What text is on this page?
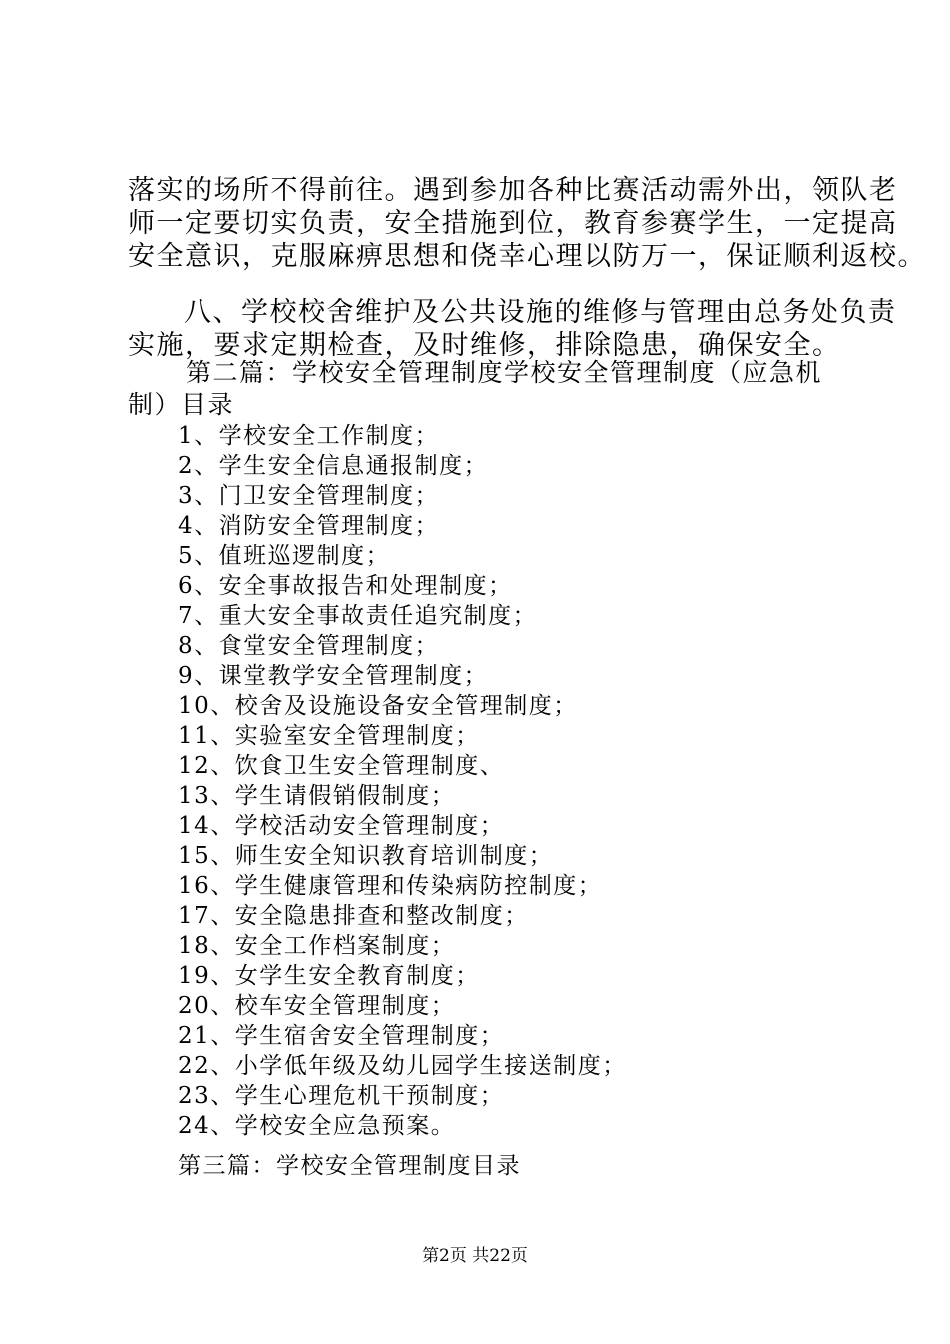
落实的场所不得前往。遇到参加各种比赛活动需外出，领队老
师一定要切实负责，安全措施到位，教育参赛学生，一定提高
安全意识，克服麻痹思想和侥幸心理以防万一，保证顺利返校。
八、学校校舍维护及公共设施的维修与管理由总务处负责
实施，要求定期检查，及时维修，排除隐患，确保安全。
第二篇：学校安全管理制度学校安全管理制度（应急机
制）目录
1、学校安全工作制度；
2、学生安全信息通报制度；
3、门卫安全管理制度；
4、消防安全管理制度；
5、值班巡逻制度；
6、安全事故报告和处理制度；
7、重大安全事故责任追究制度；
8、食堂安全管理制度；
9、课堂教学安全管理制度；
10、校舍及设施设备安全管理制度；
11、实验室安全管理制度；
12、饮食卫生安全管理制度、
13、学生请假销假制度；
14、学校活动安全管理制度；
15、师生安全知识教育培训制度；
16、学生健康管理和传染病防控制度；
17、安全隐患排查和整改制度；
18、安全工作档案制度；
19、女学生安全教育制度；
20、校车安全管理制度；
21、学生宿舍安全管理制度；
22、小学低年级及幼儿园学生接送制度；
23、学生心理危机干预制度；
24、学校安全应急预案。
第三篇：学校安全管理制度目录
第2页 共22页
